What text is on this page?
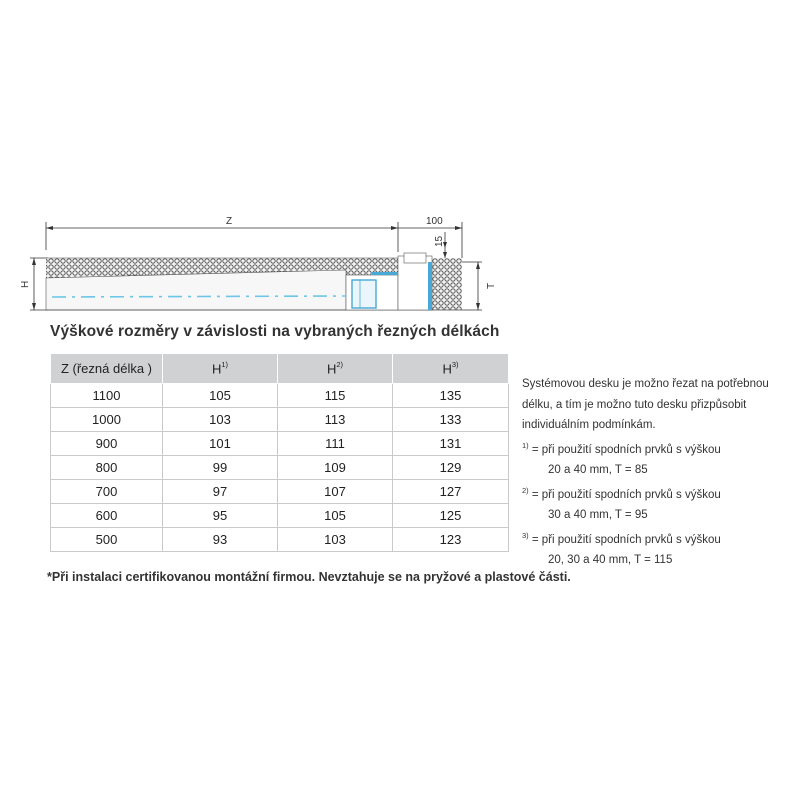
Z	100
15
H	T
Výškové rozměry v závislosti na vybraných řezných délkách
Z (řezná délka )	$H^{1)}$	$H^{2)}$	$H^{3)}$
1100	105	115	135
1000	103	113	133
900	101	111	131
800	99	109	129
700	97	107	127
600	95	105	125
500	93	103	123
*Při instalaci certifikovanou montážní firmou. Nevztahuje se na pryžové a plastové části.
Systémovou desku je možno řezat na potřebnou
délku, a tím je možno tuto desku přizpůsobit
individuálním podmínkám.
$^{1)}$ = při použití spodních prvků s výškou
20 a 40 mm, T = 85
$^{2)}$ = při použití spodních prvků s výškou
30 a 40 mm, T = 95
$^{3)}$ = při použití spodních prvků s výškou
20, 30 a 40 mm, T = 115
